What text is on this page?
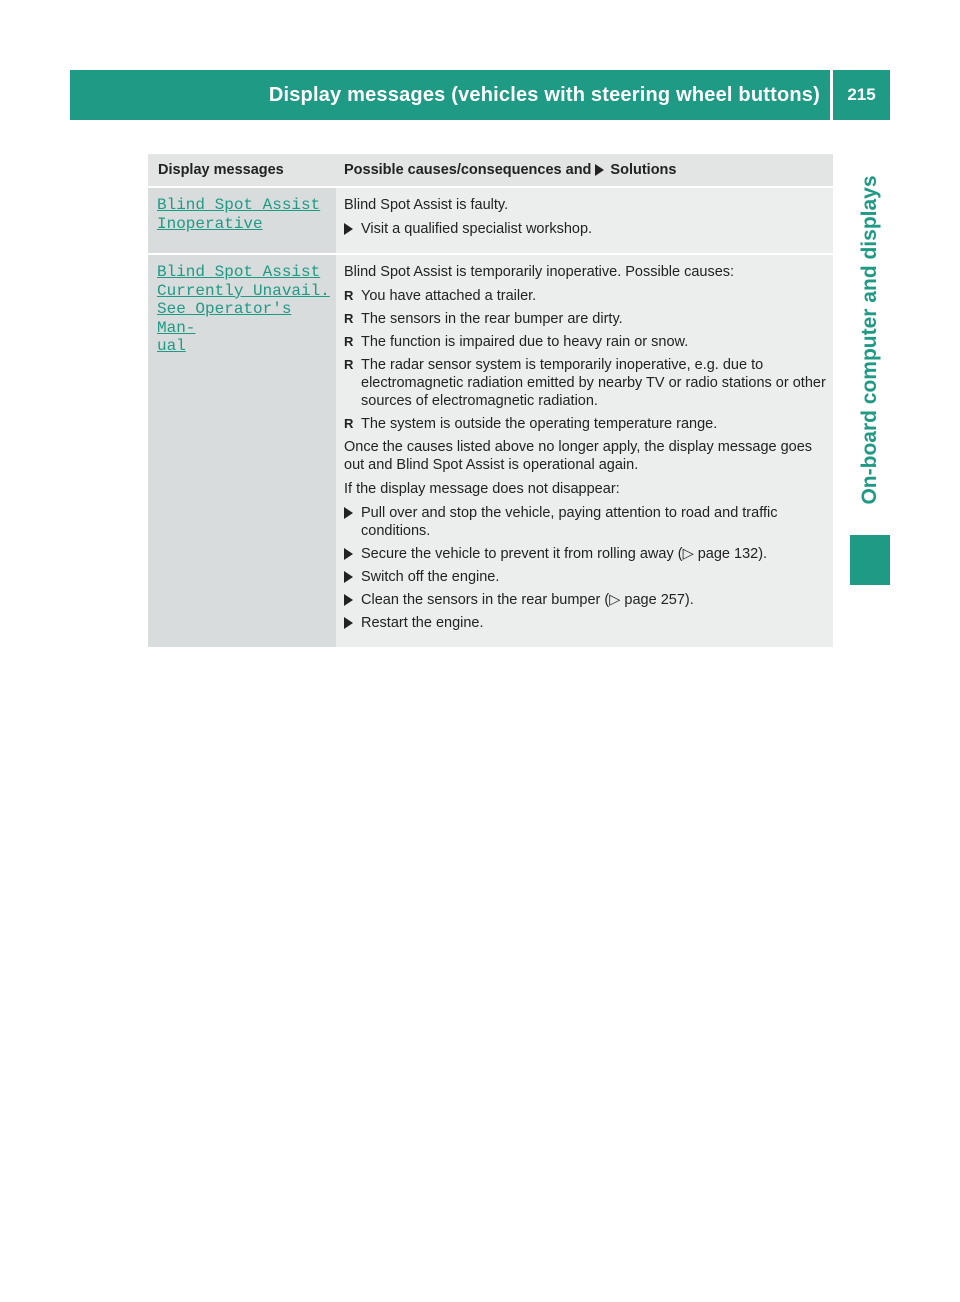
Display messages (vehicles with steering wheel buttons)	215
On-board computer and displays
Display messages	Possible causes/consequences and Solutions
Blind Spot Assist
Inoperative

Blind Spot Assist is faulty.

Visit a qualified specialist workshop.
Blind Spot Assist
Currently Unavail.
See Operator's Man‐
ual

Blind Spot Assist is temporarily inoperative. Possible causes:

R You have attached a trailer.
R The sensors in the rear bumper are dirty.
R The function is impaired due to heavy rain or snow.
R The radar sensor system is temporarily inoperative, e.g. due to electromagnetic radiation emitted by nearby TV or radio stations or other sources of electromagnetic radiation.
R The system is outside the operating temperature range.

Once the causes listed above no longer apply, the display message goes out and Blind Spot Assist is operational again.

If the display message does not disappear:

Pull over and stop the vehicle, paying attention to road and traffic conditions.
Secure the vehicle to prevent it from rolling away (▷ page 132).
Switch off the engine.
Clean the sensors in the rear bumper (▷ page 257).
Restart the engine.
